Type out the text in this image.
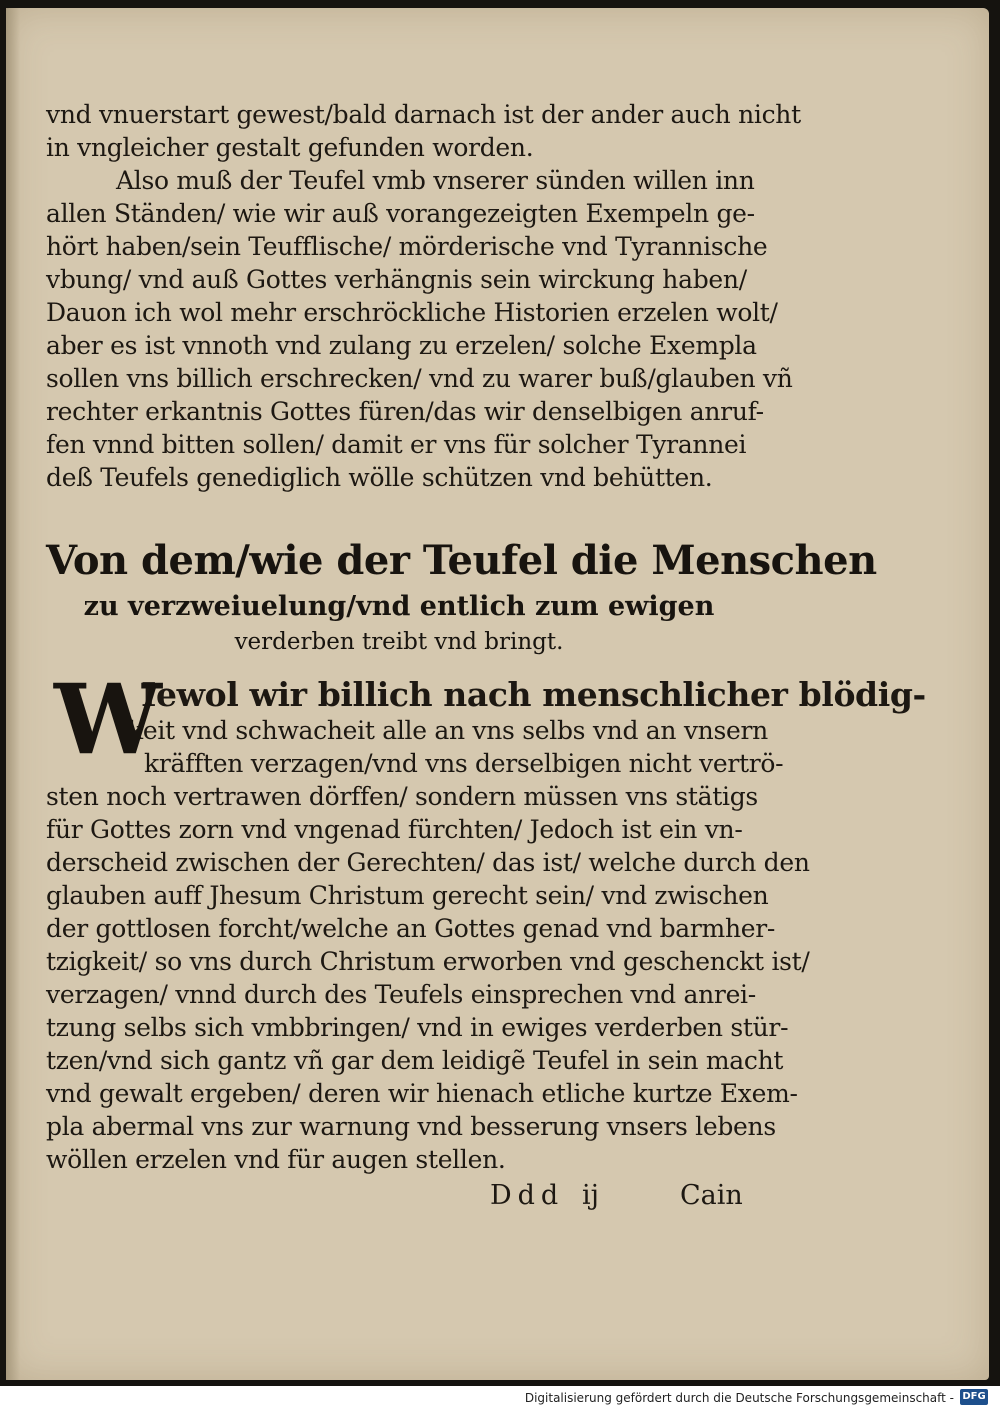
vnd vnuerstart gewest/bald darnach ist der ander auch nicht
in vngleicher gestalt gefunden worden.
Also muß der Teufel vmb vnserer sünden willen inn
allen Ständen/ wie wir auß vorangezeigten Exempeln ge-
hört haben/sein Teufflische/ mörderische vnd Tyrannische
vbung/ vnd auß Gottes verhängnis sein wirckung haben/
Dauon ich wol mehr erschröckliche Historien erzelen wolt/
aber es ist vnnoth vnd zulang zu erzelen/ solche Exempla
sollen vns billich erschrecken/ vnd zu warer buß/glauben vñ
rechter erkantnis Gottes füren/das wir denselbigen anruf-
fen vnnd bitten sollen/ damit er vns für solcher Tyrannei
deß Teufels genediglich wölle schützen vnd behütten.
Von dem/wie der Teufel die Menschen
zu verzweiuelung/vnd entlich zum ewigen
verderben treibt vnd bringt.
W
Iewol wir billich nach menschlicher blödig-
keit vnd schwacheit alle an vns selbs vnd an vnsern
kräfften verzagen/vnd vns derselbigen nicht vertrö-
sten noch vertrawen dörffen/ sondern müssen vns stätigs
für Gottes zorn vnd vngenad fürchten/ Jedoch ist ein vn-
derscheid zwischen der Gerechten/ das ist/ welche durch den
glauben auff Jhesum Christum gerecht sein/ vnd zwischen
der gottlosen forcht/welche an Gottes genad vnd barmher-
tzigkeit/ so vns durch Christum erworben vnd geschenckt ist/
verzagen/ vnnd durch des Teufels einsprechen vnd anrei-
tzung selbs sich vmbbringen/ vnd in ewiges verderben stür-
tzen/vnd sich gantz vñ gar dem leidigẽ Teufel in sein macht
vnd gewalt ergeben/ deren wir hienach etliche kurtze Exem-
pla abermal vns zur warnung vnd besserung vnsers lebens
wöllen erzelen vnd für augen stellen.
Ddd ij	Cain
Digitalisierung gefördert durch die Deutsche Forschungsgemeinschaft - DFG
